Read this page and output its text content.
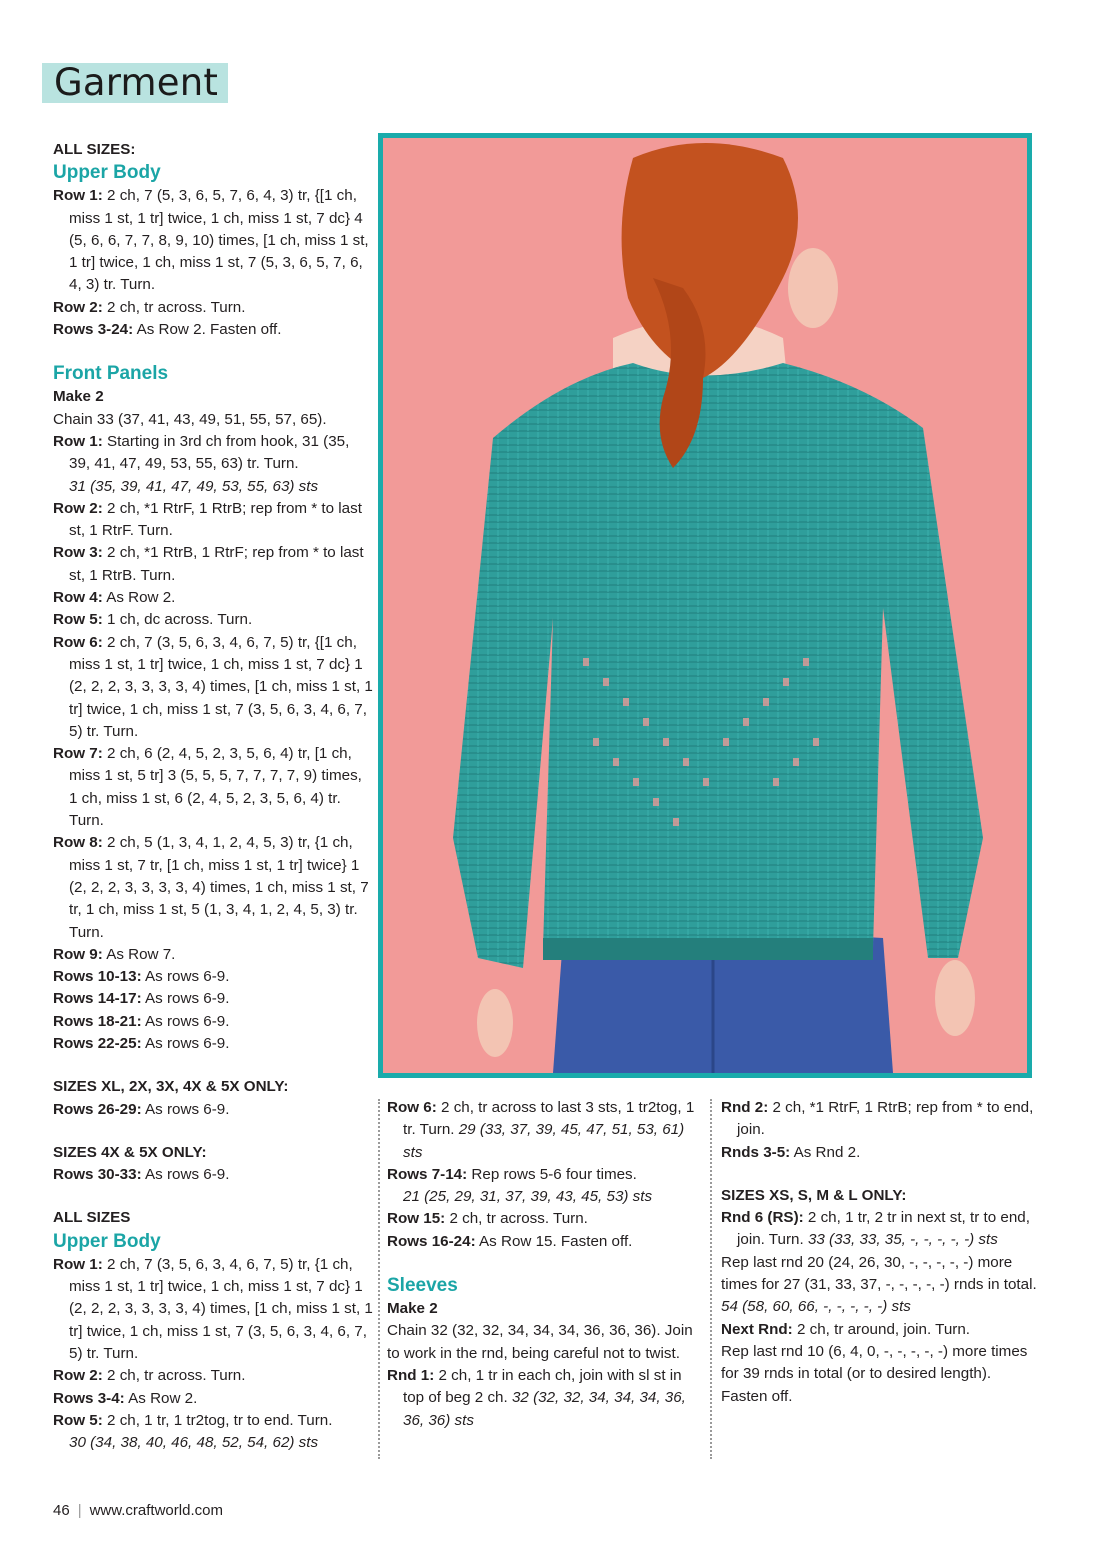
Garment

ALL SIZES:

Upper Body

Row 1: 2 ch, 7 (5, 3, 6, 5, 7, 6, 4, 3) tr, {[1 ch, miss 1 st, 1 tr] twice, 1 ch, miss 1 st, 7 dc} 4 (5, 6, 6, 7, 7, 8, 9, 10) times, [1 ch, miss 1 st, 1 tr] twice, 1 ch, miss 1 st, 7 (5, 3, 6, 5, 7, 6, 4, 3) tr. Turn.

Row 2: 2 ch, tr across. Turn.

Rows 3-24: As Row 2. Fasten off.

Front Panels

Make 2

Chain 33 (37, 41, 43, 49, 51, 55, 57, 65).

Row 1: Starting in 3rd ch from hook, 31 (35, 39, 41, 47, 49, 53, 55, 63) tr. Turn.
31 (35, 39, 41, 47, 49, 53, 55, 63) sts

Row 2: 2 ch, *1 RtrF, 1 RtrB; rep from * to last st, 1 RtrF. Turn.

Row 3: 2 ch, *1 RtrB, 1 RtrF; rep from * to last st, 1 RtrB. Turn.

Row 4: As Row 2.

Row 5: 1 ch, dc across. Turn.

Row 6: 2 ch, 7 (3, 5, 6, 3, 4, 6, 7, 5) tr, {[1 ch, miss 1 st, 1 tr] twice, 1 ch, miss 1 st, 7 dc} 1 (2, 2, 2, 3, 3, 3, 3, 4) times, [1 ch, miss 1 st, 1 tr] twice, 1 ch, miss 1 st, 7 (3, 5, 6, 3, 4, 6, 7, 5) tr. Turn.

Row 7: 2 ch, 6 (2, 4, 5, 2, 3, 5, 6, 4) tr, [1 ch, miss 1 st, 5 tr] 3 (5, 5, 5, 7, 7, 7, 7, 9) times, 1 ch, miss 1 st, 6 (2, 4, 5, 2, 3, 5, 6, 4) tr. Turn.

Row 8: 2 ch, 5 (1, 3, 4, 1, 2, 4, 5, 3) tr, {1 ch, miss 1 st, 7 tr, [1 ch, miss 1 st, 1 tr] twice} 1 (2, 2, 2, 3, 3, 3, 3, 4) times, 1 ch, miss 1 st, 7 tr, 1 ch, miss 1 st, 5 (1, 3, 4, 1, 2, 4, 5, 3) tr. Turn.

Row 9: As Row 7.

Rows 10-13: As rows 6-9.

Rows 14-17: As rows 6-9.

Rows 18-21: As rows 6-9.

Rows 22-25: As rows 6-9.

SIZES XL, 2X, 3X, 4X & 5X ONLY:

Rows 26-29: As rows 6-9.

SIZES 4X & 5X ONLY:

Rows 30-33: As rows 6-9.

ALL SIZES

Upper Body

Row 1: 2 ch, 7 (3, 5, 6, 3, 4, 6, 7, 5) tr, {1 ch, miss 1 st, 1 tr] twice, 1 ch, miss 1 st, 7 dc} 1 (2, 2, 2, 3, 3, 3, 3, 4) times, [1 ch, miss 1 st, 1 tr] twice, 1 ch, miss 1 st, 7 (3, 5, 6, 3, 4, 6, 7, 5) tr. Turn.

Row 2: 2 ch, tr across. Turn.

Rows 3-4: As Row 2.

Row 5: 2 ch, 1 tr, 1 tr2tog, tr to end. Turn.
30 (34, 38, 40, 46, 48, 52, 54, 62) sts

Row 6: 2 ch, tr across to last 3 sts, 1 tr2tog, 1 tr. Turn. 29 (33, 37, 39, 45, 47, 51, 53, 61) sts

Rows 7-14: Rep rows 5-6 four times.
21 (25, 29, 31, 37, 39, 43, 45, 53) sts

Row 15: 2 ch, tr across. Turn.

Rows 16-24: As Row 15. Fasten off.

Sleeves

Make 2

Chain 32 (32, 32, 34, 34, 34, 36, 36, 36). Join to work in the rnd, being careful not to twist.

Rnd 1: 2 ch, 1 tr in each ch, join with sl st in top of beg 2 ch. 32 (32, 32, 34, 34, 34, 36, 36, 36) sts

Rnd 2: 2 ch, *1 RtrF, 1 RtrB; rep from * to end, join.

Rnds 3-5: As Rnd 2.

SIZES XS, S, M & L ONLY:

Rnd 6 (RS): 2 ch, 1 tr, 2 tr in next st, tr to end, join. Turn. 33 (33, 33, 35, -, -, -, -, -) sts

Rep last rnd 20 (24, 26, 30, -, -, -, -, -) more times for 27 (31, 33, 37, -, -, -, -, -) rnds in total. 54 (58, 60, 66, -, -, -, -, -) sts

Next Rnd: 2 ch, tr around, join. Turn.

Rep last rnd 10 (6, 4, 0, -, -, -, -, -) more times for 39 rnds in total (or to desired length).

Fasten off.

46 | www.craftworld.com
